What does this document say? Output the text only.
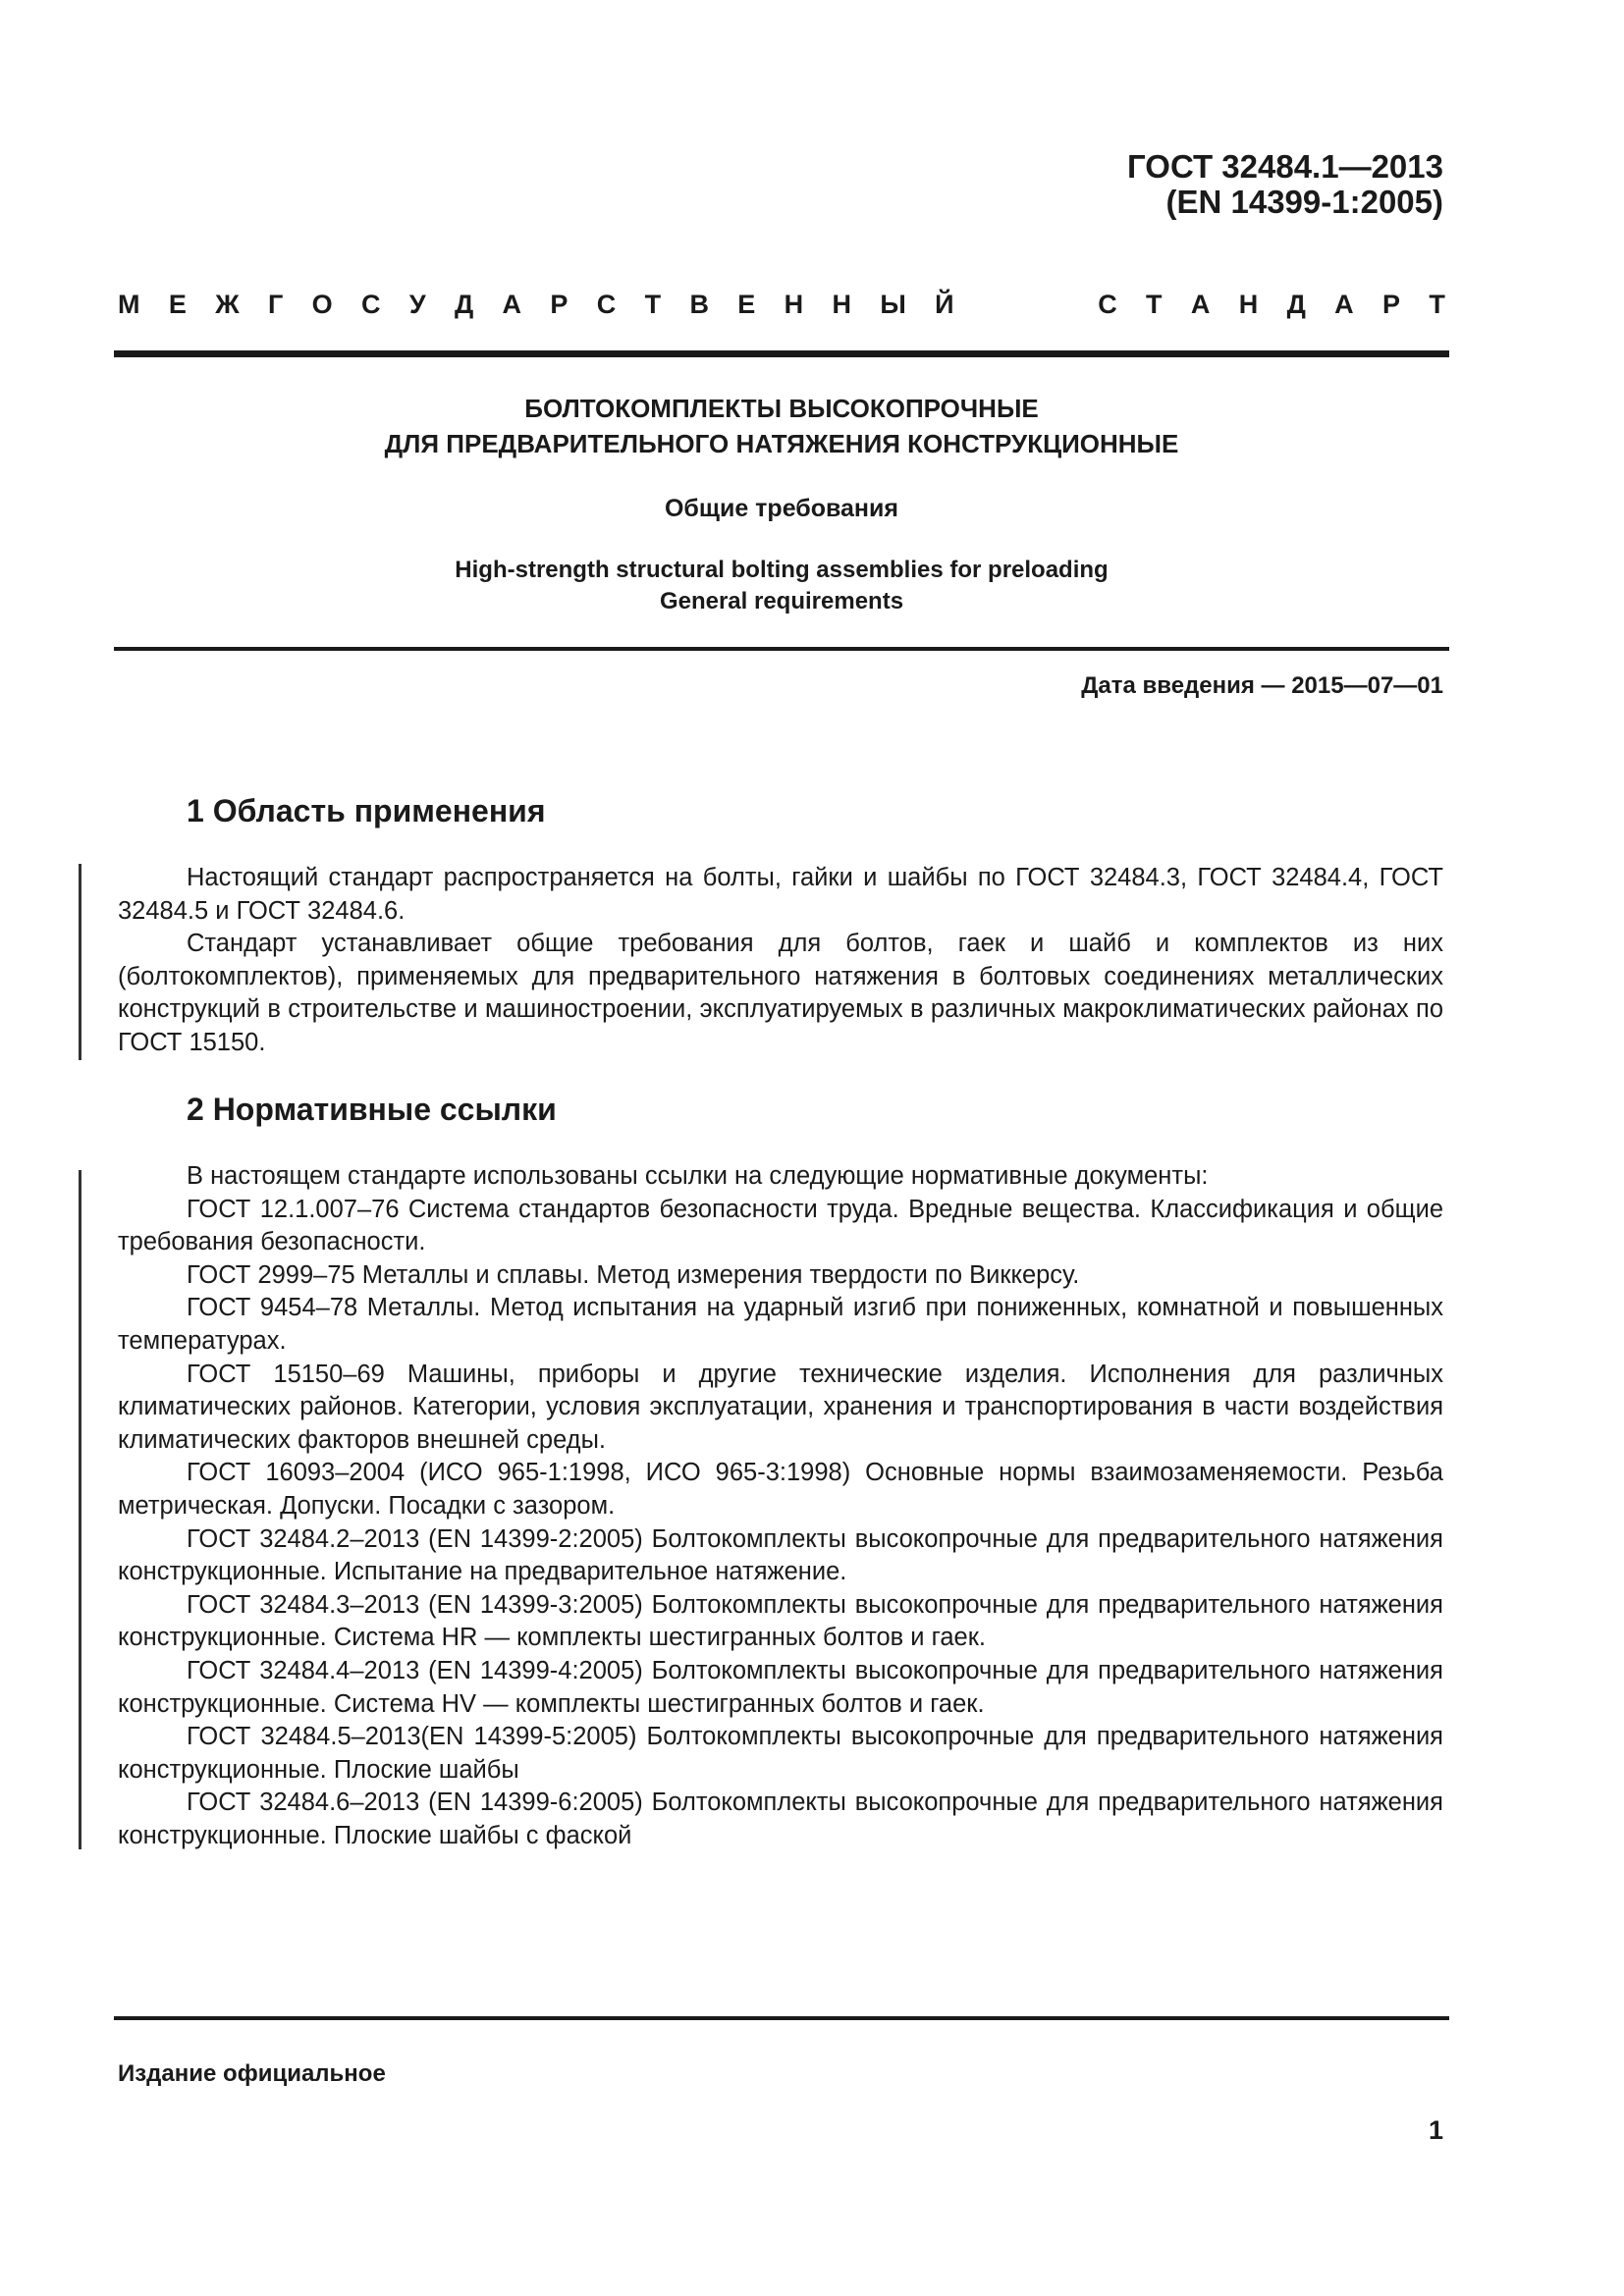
ГОСТ 32484.1—2013
(EN 14399-1:2005)
М Е Ж Г О С У Д А Р С Т В Е Н Н Ы Й	С Т А Н Д А Р Т
БОЛТОКОМПЛЕКТЫ ВЫСОКОПРОЧНЫЕ
ДЛЯ ПРЕДВАРИТЕЛЬНОГО НАТЯЖЕНИЯ КОНСТРУКЦИОННЫЕ
Общие требования
High-strength structural bolting assemblies for preloading
General requirements
Дата введения — 2015—07—01
1 Область применения

Настоящий стандарт распространяется на болты, гайки и шайбы по ГОСТ 32484.3, ГОСТ 32484.4, ГОСТ 32484.5 и ГОСТ 32484.6.

Стандарт устанавливает общие требования для болтов, гаек и шайб и комплектов из них (болтокомплектов), применяемых для предварительного натяжения в болтовых соединениях металлических конструкций в строительстве и машиностроении, эксплуатируемых в различных макроклиматических районах по ГОСТ 15150.

2 Нормативные ссылки

В настоящем стандарте использованы ссылки на следующие нормативные документы:

ГОСТ 12.1.007–76 Система стандартов безопасности труда. Вредные вещества. Классификация и общие требования безопасности.

ГОСТ 2999–75 Металлы и сплавы. Метод измерения твердости по Виккерсу.

ГОСТ 9454–78 Металлы. Метод испытания на ударный изгиб при пониженных, комнатной и повышенных температурах.

ГОСТ 15150–69 Машины, приборы и другие технические изделия. Исполнения для различных климатических районов. Категории, условия эксплуатации, хранения и транспортирования в части воздействия климатических факторов внешней среды.

ГОСТ 16093–2004 (ИСО 965-1:1998, ИСО 965-3:1998) Основные нормы взаимозаменяемости. Резьба метрическая. Допуски. Посадки с зазором.

ГОСТ 32484.2–2013 (EN 14399-2:2005) Болтокомплекты высокопрочные для предварительного натяжения конструкционные. Испытание на предварительное натяжение.

ГОСТ 32484.3–2013 (EN 14399-3:2005) Болтокомплекты высокопрочные для предварительного натяжения конструкционные. Система HR — комплекты шестигранных болтов и гаек.

ГОСТ 32484.4–2013 (EN 14399-4:2005) Болтокомплекты высокопрочные для предварительного натяжения конструкционные. Система HV — комплекты шестигранных болтов и гаек.

ГОСТ 32484.5–2013(EN 14399-5:2005) Болтокомплекты высокопрочные для предварительного натяжения конструкционные. Плоские шайбы

ГОСТ 32484.6–2013 (EN 14399-6:2005) Болтокомплекты высокопрочные для предварительного натяжения конструкционные. Плоские шайбы с фаской

Издание официальное
1
